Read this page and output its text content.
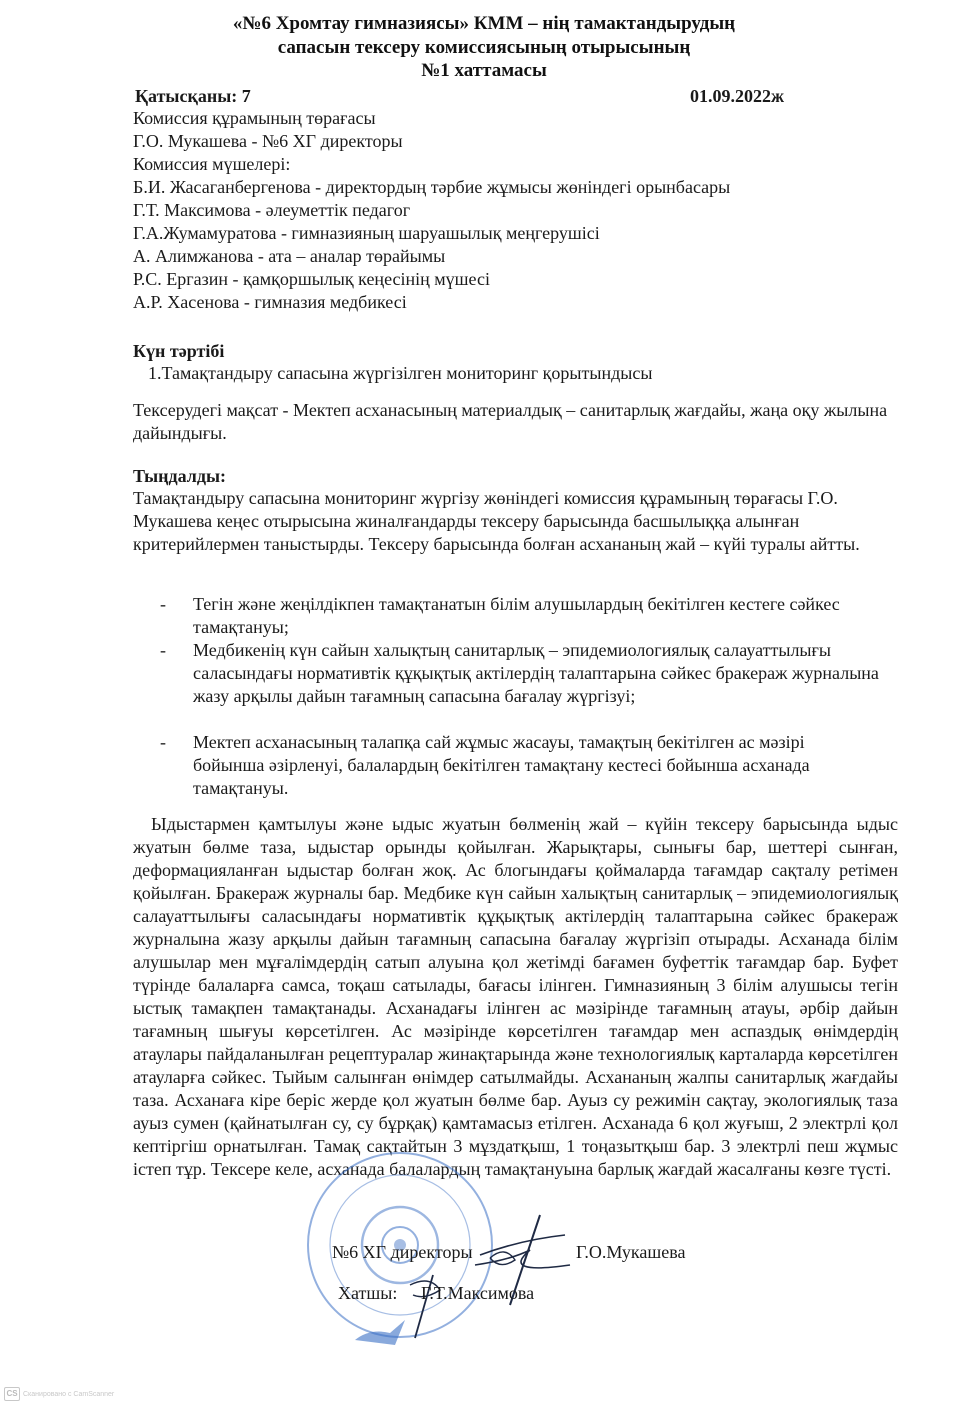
«№6 Хромтау гимназиясы» КММ – нің тамактандырудың
сапасын тексеру комиссиясының отырысының
№1 хаттамасы
Қатысқаны: 7	01.09.2022ж
Комиссия құрамының төрағасы
Г.О. Мукашева - №6 ХГ директоры
Комиссия мүшелері:
Б.И. Жасаганбергенова - директордың тәрбие жұмысы жөніндегі орынбасары
Г.Т. Максимова - әлеуметтік педагог
Г.А.Жумамуратова - гимназияның шаруашылық меңгерушісі
А. Алимжанова - ата – аналар төрайымы
Р.С. Ергазин - қамқоршылық кеңесінің мүшесі
А.Р. Хасенова - гимназия медбикесі
Күн тәртібі
1.Тамақтандыру сапасына жүргізілген мониторинг қорытындысы
Тексерудегі мақсат - Мектеп асханасының материалдық – санитарлық жағдайы, жаңа оқу жылына дайындығы.
Тыңдалды:
Тамақтандыру сапасына мониторинг жүргізу жөніндегі комиссия құрамының төрағасы Г.О. Мукашева кеңес отырысына жиналғандарды тексеру барысында басшылыққа алынған критерийлермен таныстырды. Тексеру барысында болған асхананың жай – күйі туралы айтты.
- Тегін және жеңілдікпен тамақтанатын білім алушылардың бекітілген кестеге сәйкес тамақтануы;
- Медбикенің күн сайын халықтың санитарлық – эпидемиологиялық салауаттылығы саласындағы нормативтік құқықтық актілердің талаптарына сәйкес бракераж журналына жазу арқылы дайын тағамның сапасына бағалау жүргізуі;
- Мектеп асханасының талапқа сай жұмыс жасауы, тамақтың бекітілген ас мәзірі бойынша әзірленуі, балалардың бекітілген тамақтану кестесі бойынша асханада тамақтануы.
Ыдыстармен қамтылуы және ыдыс жуатын бөлменің жай – күйін тексеру барысында ыдыс жуатын бөлме таза, ыдыстар орынды қойылған. Жарықтары, сынығы бар, шеттері сынған, деформацияланған ыдыстар болған жоқ. Ас блогындағы қоймаларда тағамдар сақталу ретімен қойылған. Бракераж журналы бар. Медбике күн сайын халықтың санитарлық – эпидемиологиялық салауаттылығы саласындағы нормативтік құқықтық актілердің талаптарына сәйкес бракераж журналына жазу арқылы дайын тағамның сапасына бағалау жүргізіп отырады. Асханада білім алушылар мен мұғалімдердің сатып алуына қол жетімді бағамен буфеттік тағамдар бар. Буфет түрінде балаларға самса, тоқаш сатылады, бағасы ілінген. Гимназияның 3 білім алушысы тегін ыстық тамақпен тамақтанады. Асханадағы ілінген ас мәзірінде тағамның атауы, әрбір дайын тағамның шығуы көрсетілген. Ас мәзірінде көрсетілген тағамдар мен аспаздық өнімдердің атаулары пайдаланылған рецептуралар жинақтарында және технологиялық карталарда көрсетілген атауларға сәйкес. Тыйым салынған өнімдер сатылмайды. Асхананың жалпы санитарлық жағдайы таза. Асханаға кіре беріс жерде қол жуатын бөлме бар. Ауыз су режимін сақтау, экологиялық таза ауыз сумен (қайнатылған су, су бұрқақ) қамтамасыз етілген. Асханада 6 қол жуғыш, 2 электрлі қол кептіргіш орнатылған. Тамақ сақтайтын 3 мұздатқыш, 1 тоңазытқыш бар. 3 электрлі пеш жұмыс істеп тұр. Тексере келе, асханада балалардың тамақтануына барлық жағдай жасалғаны көзге түсті.
№6 ХГ директоры	Г.О.Мукашева
Хатшы: Г.Т.Максимова
CS Сканировано с CamScanner
